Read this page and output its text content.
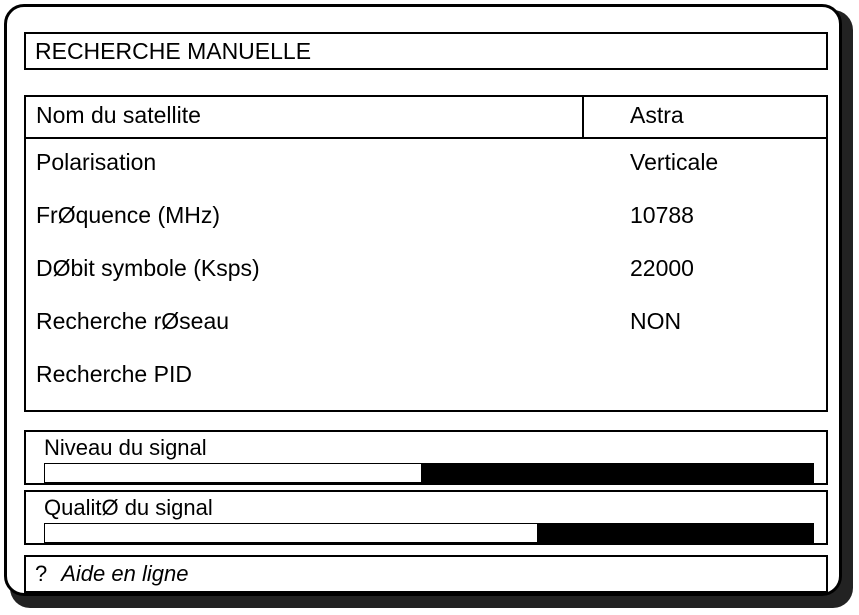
RECHERCHE MANUELLE
Nom du satellite	Astra
Polarisation	Verticale
FrØquence (MHz)	10788
DØbit symbole (Ksps)	22000
Recherche rØseau	NON
Recherche PID
Niveau du signal
QualitØ du signal
? Aide en ligne
